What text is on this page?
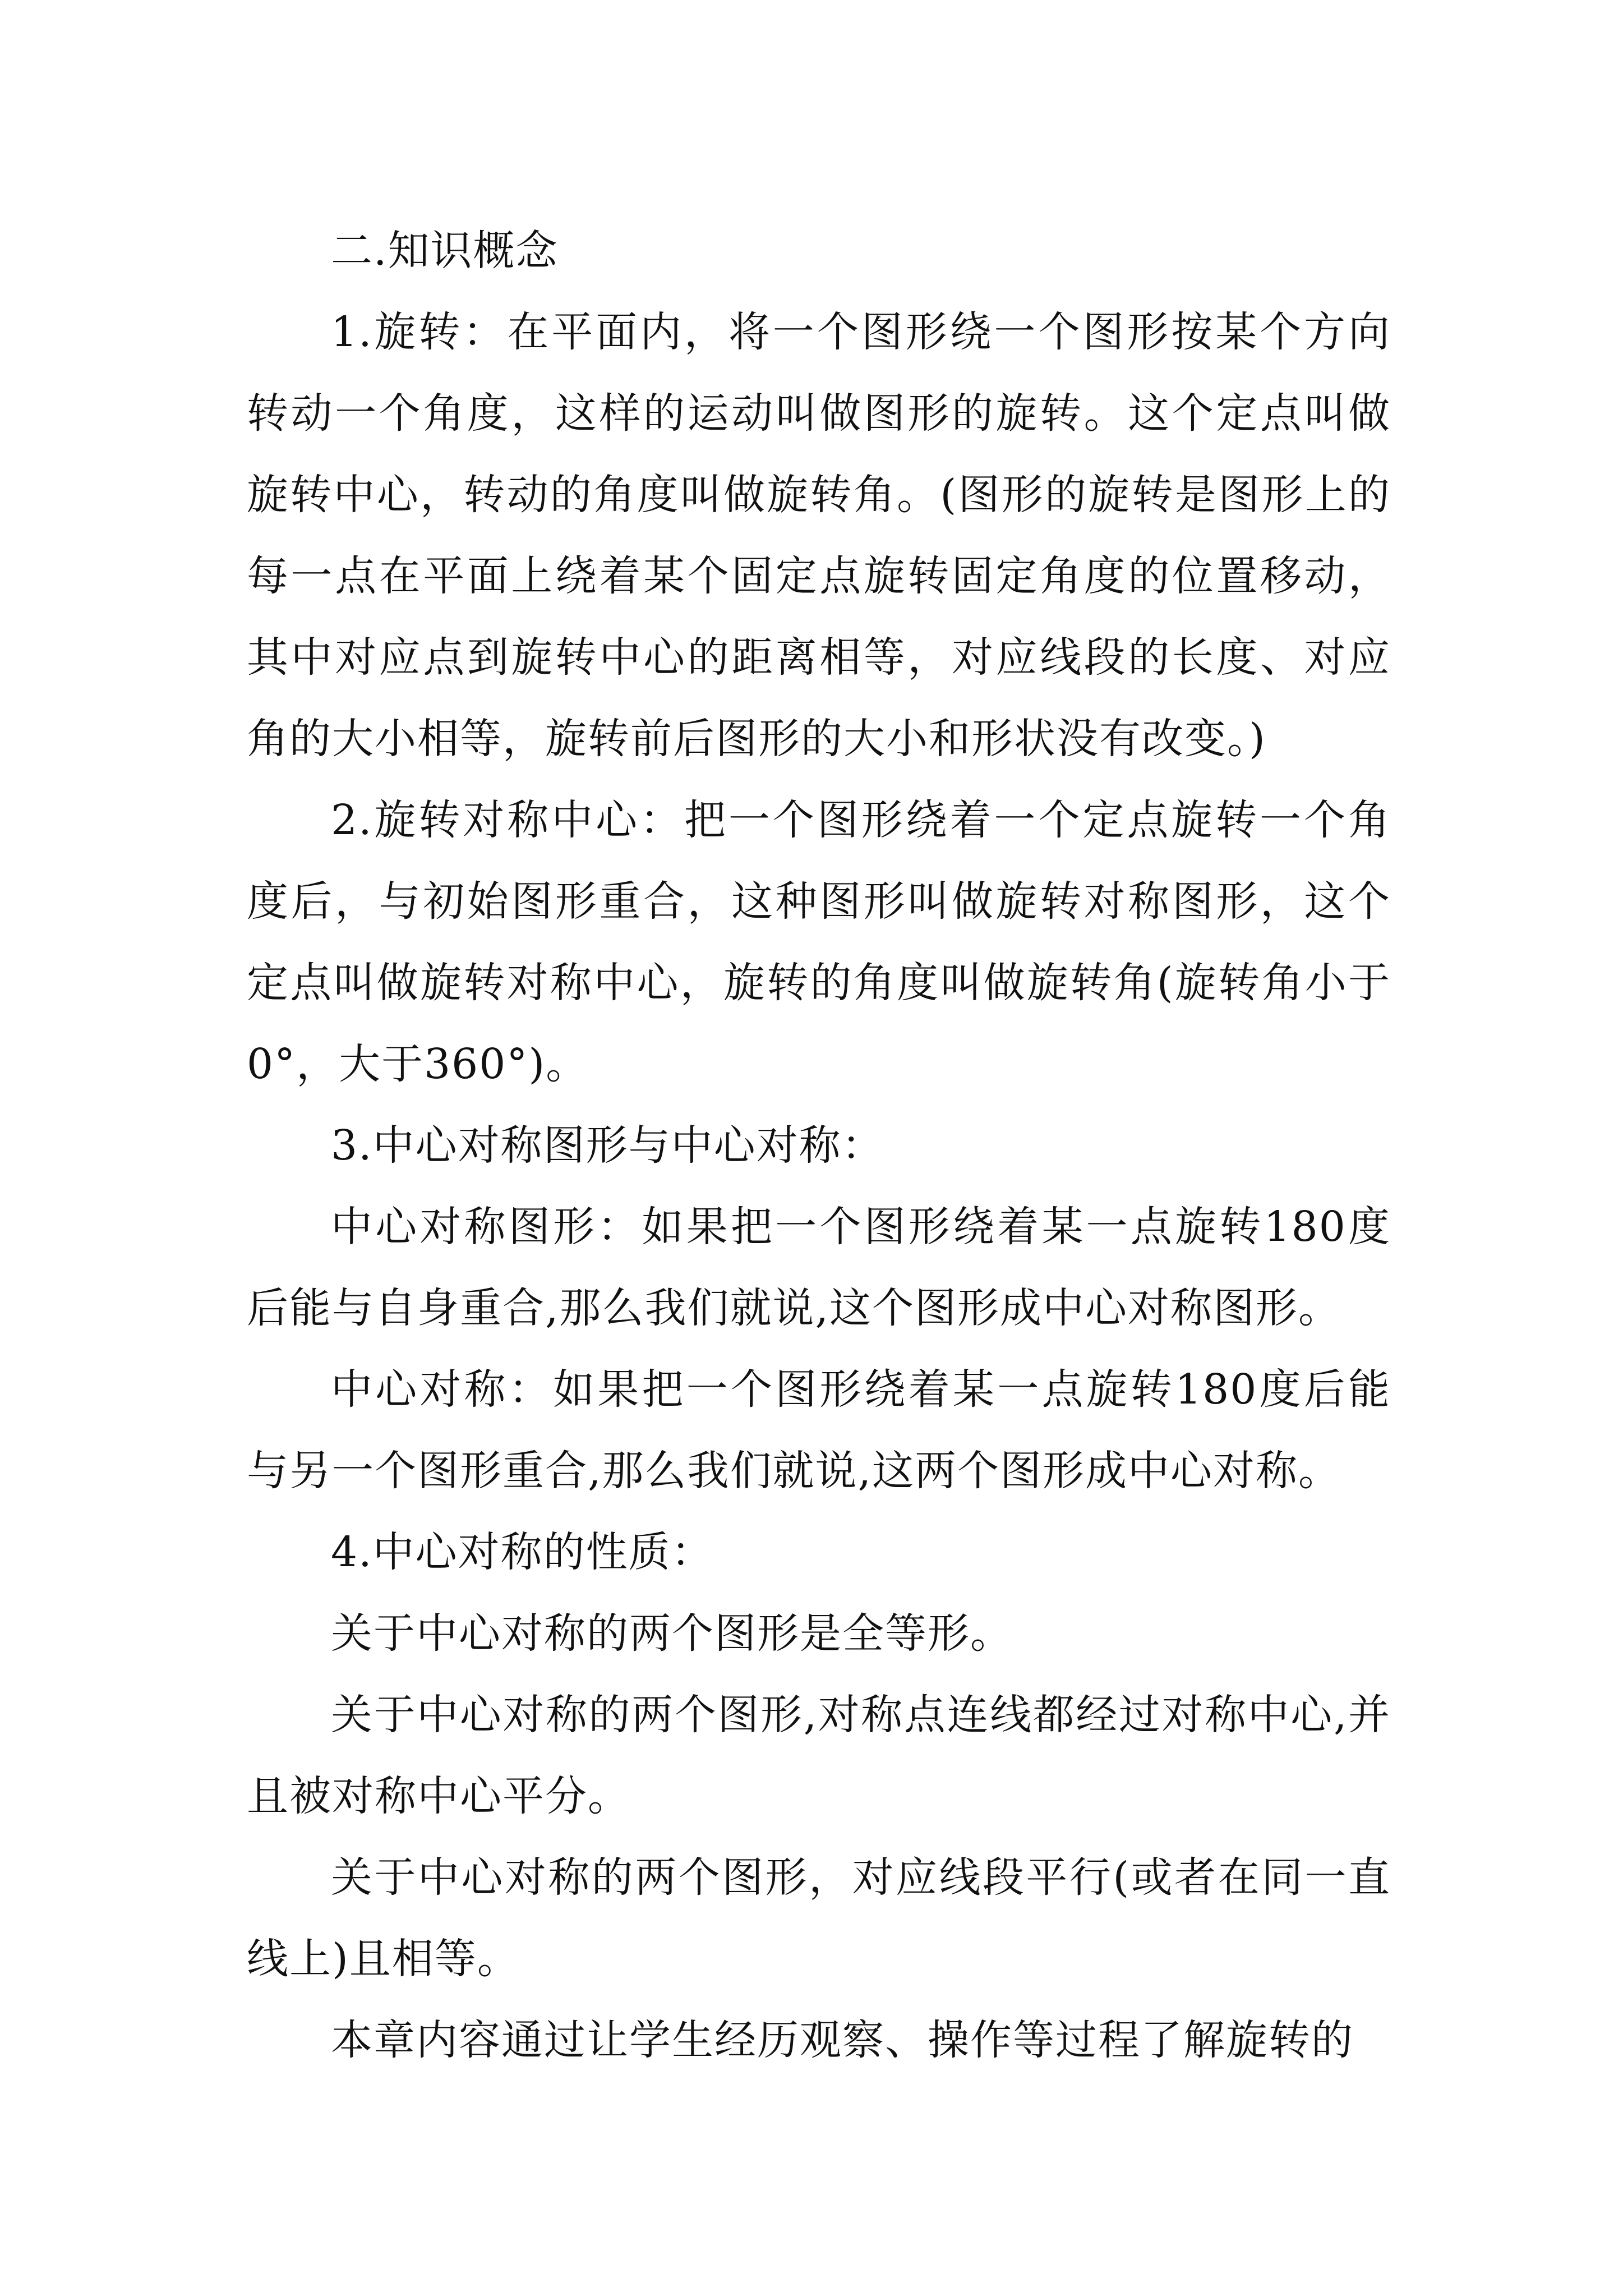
二.知识概念

1.旋转：在平面内，将一个图形绕一个图形按某个方向转动一个角度，这样的运动叫做图形的旋转。这个定点叫做旋转中心，转动的角度叫做旋转角。(图形的旋转是图形上的每一点在平面上绕着某个固定点旋转固定角度的位置移动，其中对应点到旋转中心的距离相等，对应线段的长度、对应角的大小相等，旋转前后图形的大小和形状没有改变。)

2.旋转对称中心：把一个图形绕着一个定点旋转一个角度后，与初始图形重合，这种图形叫做旋转对称图形，这个定点叫做旋转对称中心，旋转的角度叫做旋转角(旋转角小于0°，大于360°)。

3.中心对称图形与中心对称：

中心对称图形：如果把一个图形绕着某一点旋转180度后能与自身重合,那么我们就说,这个图形成中心对称图形。

中心对称：如果把一个图形绕着某一点旋转180度后能与另一个图形重合,那么我们就说,这两个图形成中心对称。

4.中心对称的性质：

关于中心对称的两个图形是全等形。

关于中心对称的两个图形,对称点连线都经过对称中心,并且被对称中心平分。

关于中心对称的两个图形，对应线段平行(或者在同一直线上)且相等。

本章内容通过让学生经历观察、操作等过程了解旋转的
